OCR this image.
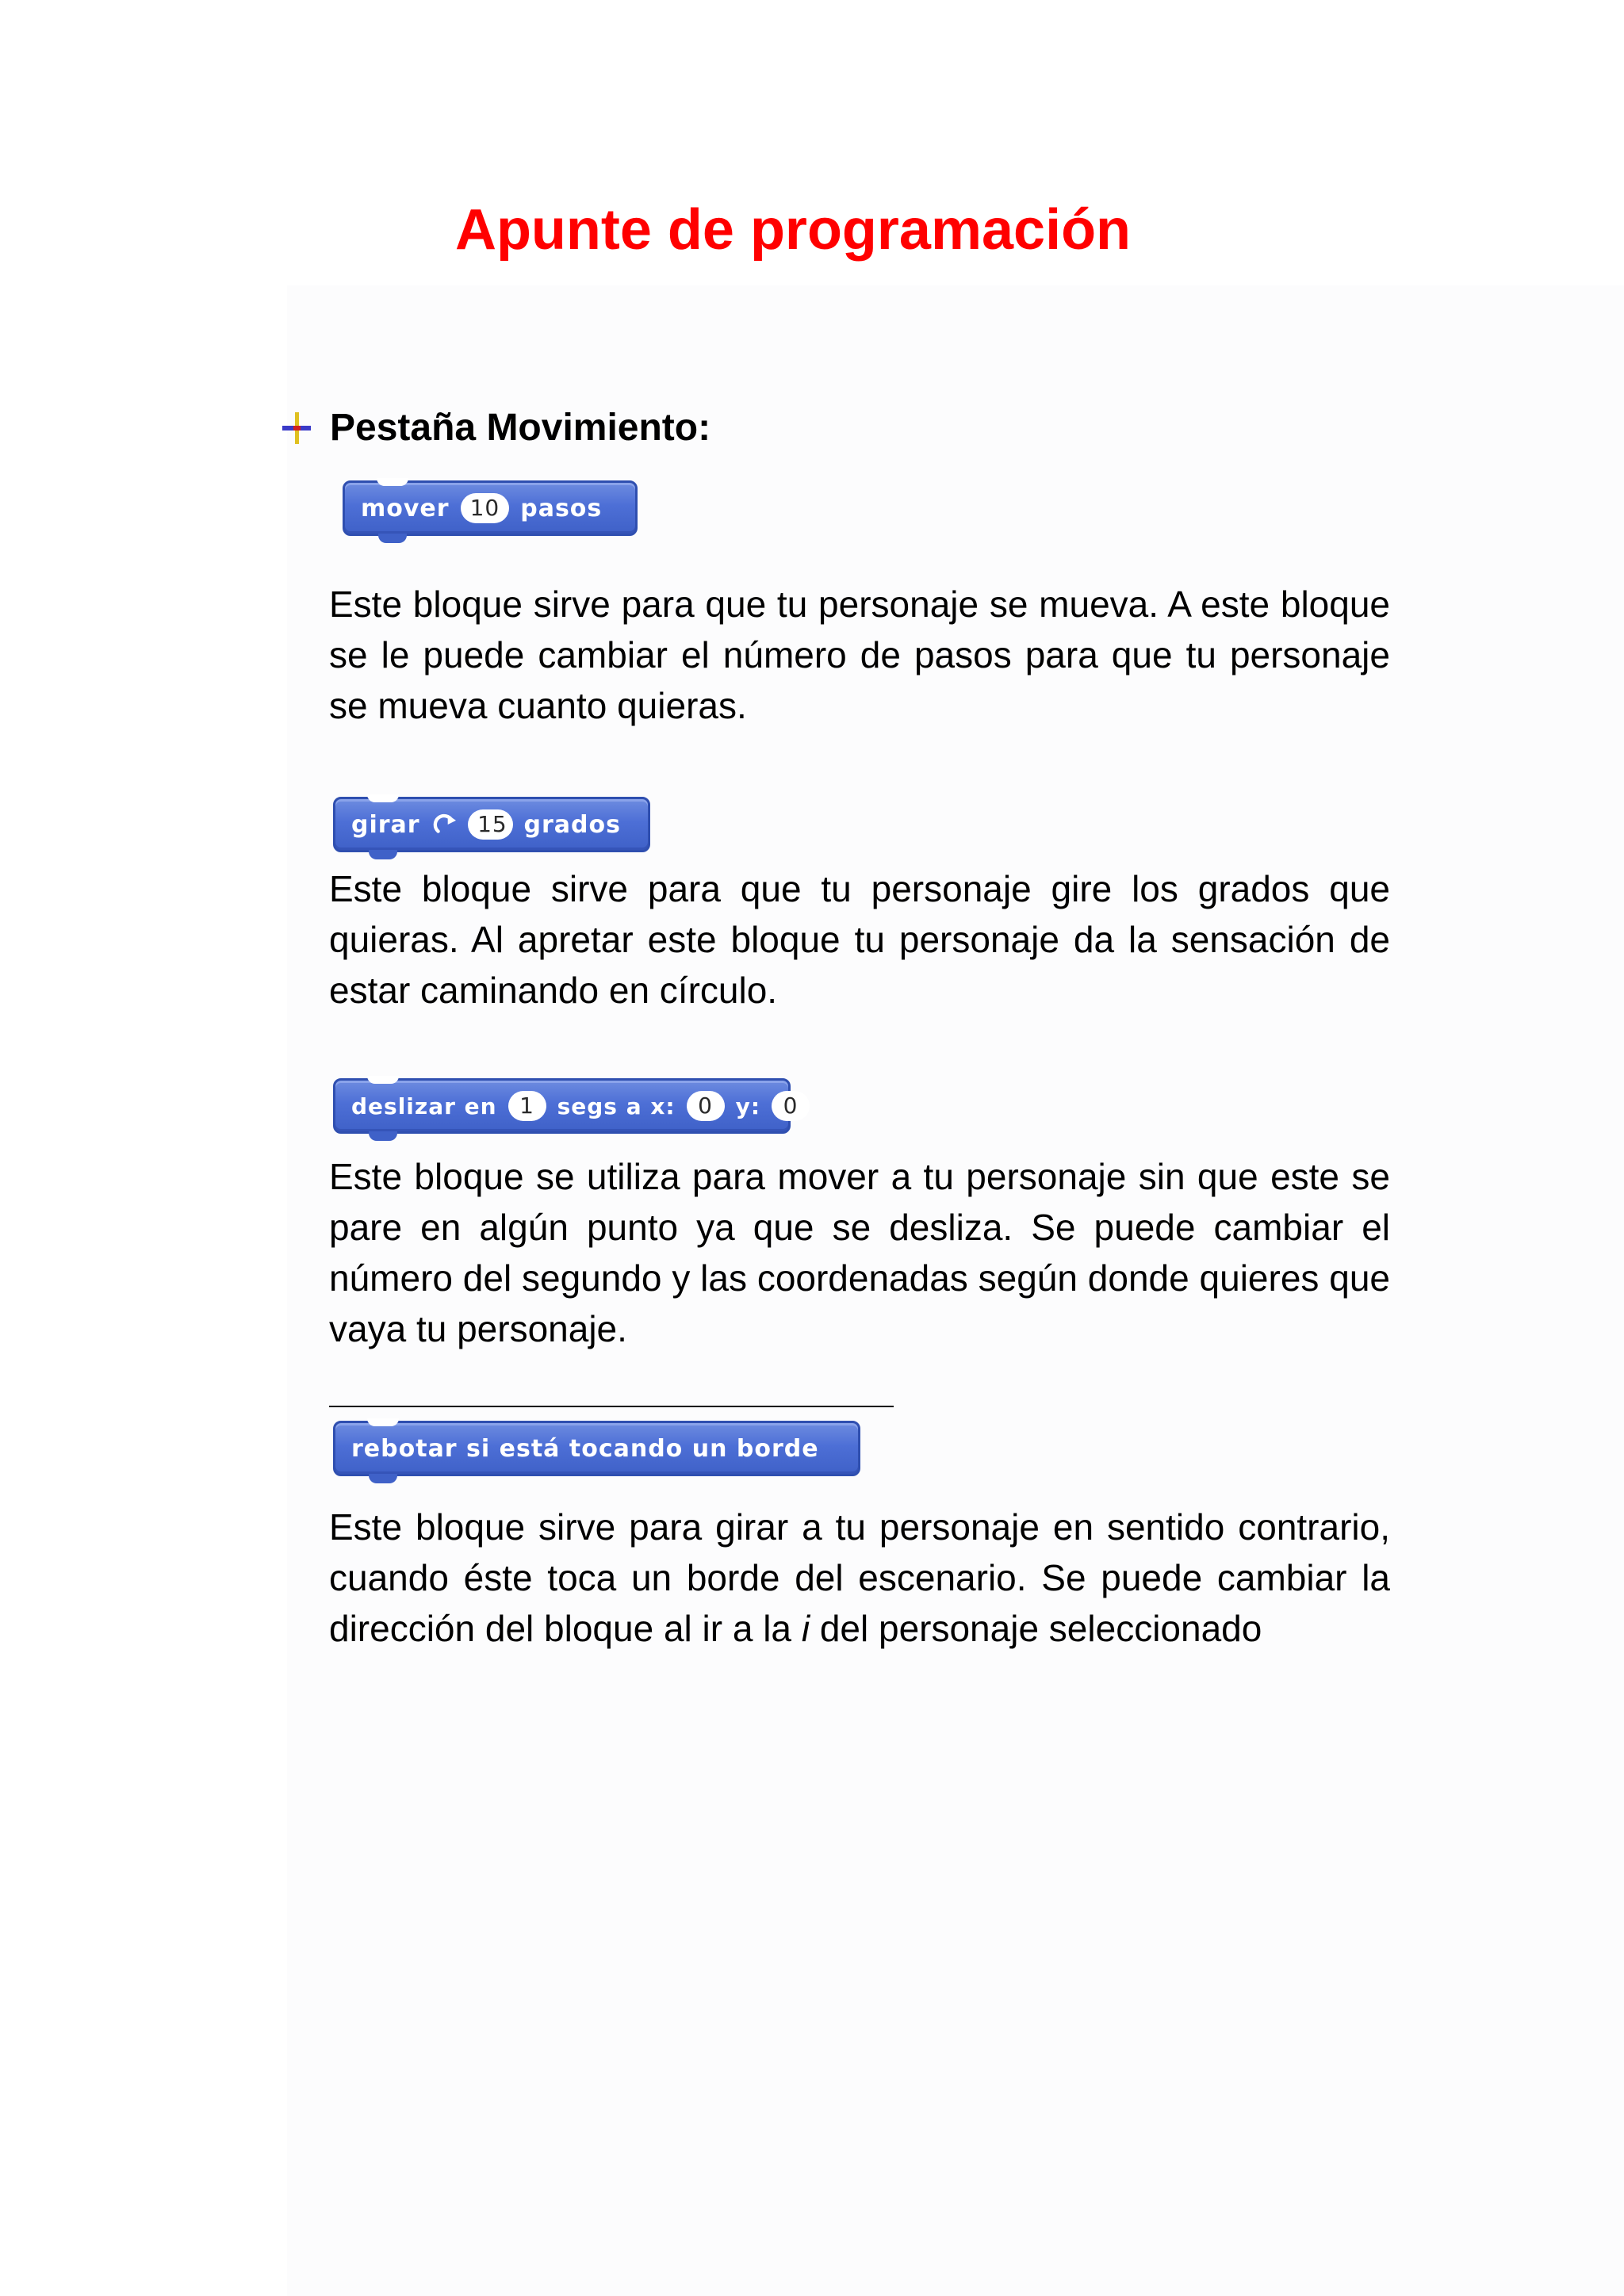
Apunte de programación
Pestaña Movimiento:
mover 10 pasos

Este bloque sirve para que tu personaje se mueva. A este bloque se le puede cambiar el número de pasos para que tu personaje se mueva cuanto quieras.

girar	15 grados

Este bloque sirve para que tu personaje gire los grados que quieras. Al apretar este bloque tu personaje da la sensación de estar caminando en círculo.

deslizar en	1	segs a x:	0	y:	0

Este bloque se utiliza para mover a tu personaje sin que este se pare en algún punto ya que se desliza. Se puede cambiar el número del segundo y las coordenadas según donde quieres que vaya tu personaje.

rebotar si está tocando un borde

Este bloque sirve para girar a tu personaje en sentido contrario, cuando éste toca un borde del escenario. Se puede cambiar la dirección del bloque al ir a la i del personaje seleccionado
